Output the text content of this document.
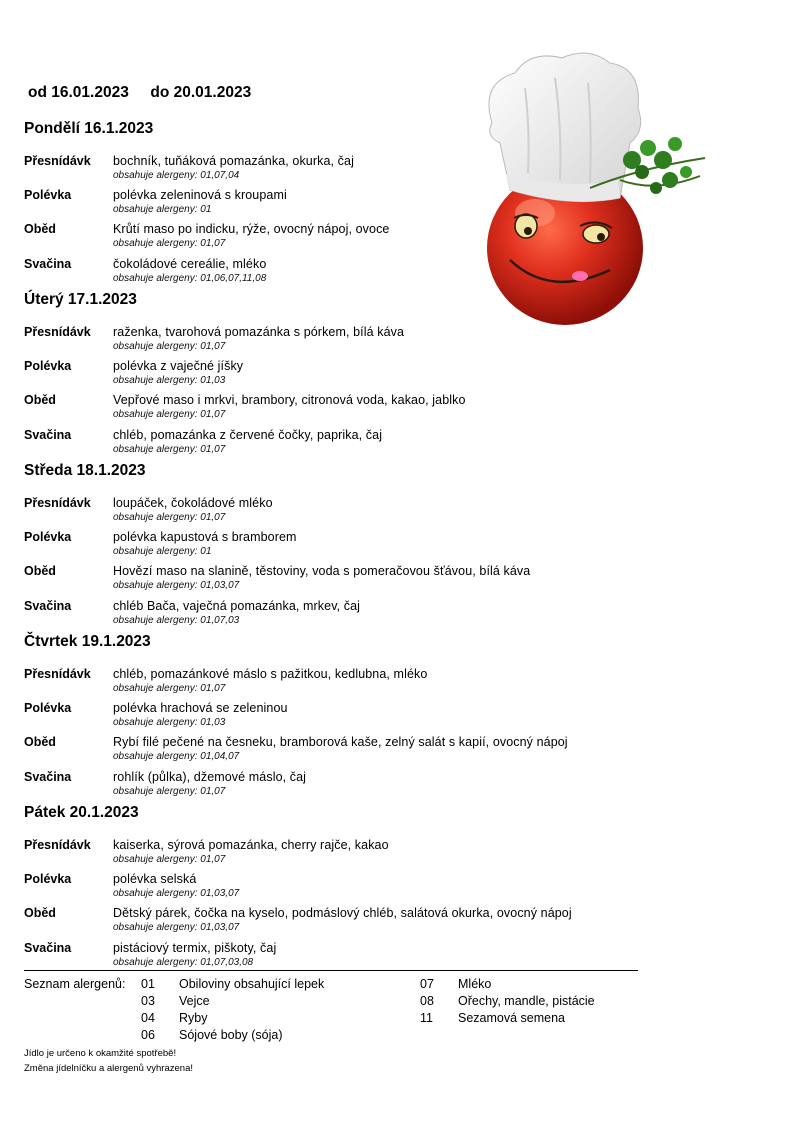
od 16.01.2023 do 20.01.2023
Pondělí 16.1.2023
Přesnídávk	bochník, tuňáková pomazánka, okurka, čaj
obsahuje alergeny: 01,07,04
Polévka	polévka zeleninová s kroupami
obsahuje alergeny: 01
Oběd	Krůtí maso po indicku, rýže, ovocný nápoj, ovoce
obsahuje alergeny: 01,07
Svačina	čokoládové cereálie, mléko
obsahuje alergeny: 01,06,07,11,08
Úterý 17.1.2023
Přesnídávk	raženka, tvarohová pomazánka s pórkem, bílá káva
obsahuje alergeny: 01,07
Polévka	polévka z vaječné jíšky
obsahuje alergeny: 01,03
Oběd	Vepřové maso i mrkvi, brambory, citronová voda, kakao, jablko
obsahuje alergeny: 01,07
Svačina	chléb, pomazánka z červené čočky, paprika, čaj
obsahuje alergeny: 01,07
Středa 18.1.2023
Přesnídávk	loupáček, čokoládové mléko
obsahuje alergeny: 01,07
Polévka	polévka kapustová s bramborem
obsahuje alergeny: 01
Oběd	Hovězí maso na slanině, těstoviny, voda s pomeračovou šťávou, bílá káva
obsahuje alergeny: 01,03,07
Svačina	chléb Bača, vaječná pomazánka, mrkev, čaj
obsahuje alergeny: 01,07,03
Čtvrtek 19.1.2023
Přesnídávk	chléb, pomazánkové máslo s pažitkou, kedlubna, mléko
obsahuje alergeny: 01,07
Polévka	polévka hrachová se zeleninou
obsahuje alergeny: 01,03
Oběd	Rybí filé pečené na česneku, bramborová kaše, zelný salát s kapií, ovocný nápoj
obsahuje alergeny: 01,04,07
Svačina	rohlík (půlka), džemové máslo, čaj
obsahuje alergeny: 01,07
Pátek 20.1.2023
Přesnídávk	kaiserka, sýrová pomazánka, cherry rajče, kakao
obsahuje alergeny: 01,07
Polévka	polévka selská
obsahuje alergeny: 01,03,07
Oběd	Dětský párek, čočka na kyselo, podmáslový chléb, salátová okurka, ovocný nápoj
obsahuje alergeny: 01,03,07
Svačina	pistáciový termix, piškoty, čaj
obsahuje alergeny: 01,07,03,08
Seznam alergenů: 01 Obiloviny obsahující lepek
03 Vejce
04 Ryby
06 Sójové boby (sója)
07 Mléko
08 Ořechy, mandle, pistácie
11 Sezamová semena
Jídlo je určeno k okamžité spotřebě!
Změna jídelníčku a alergenů vyhrazena!
